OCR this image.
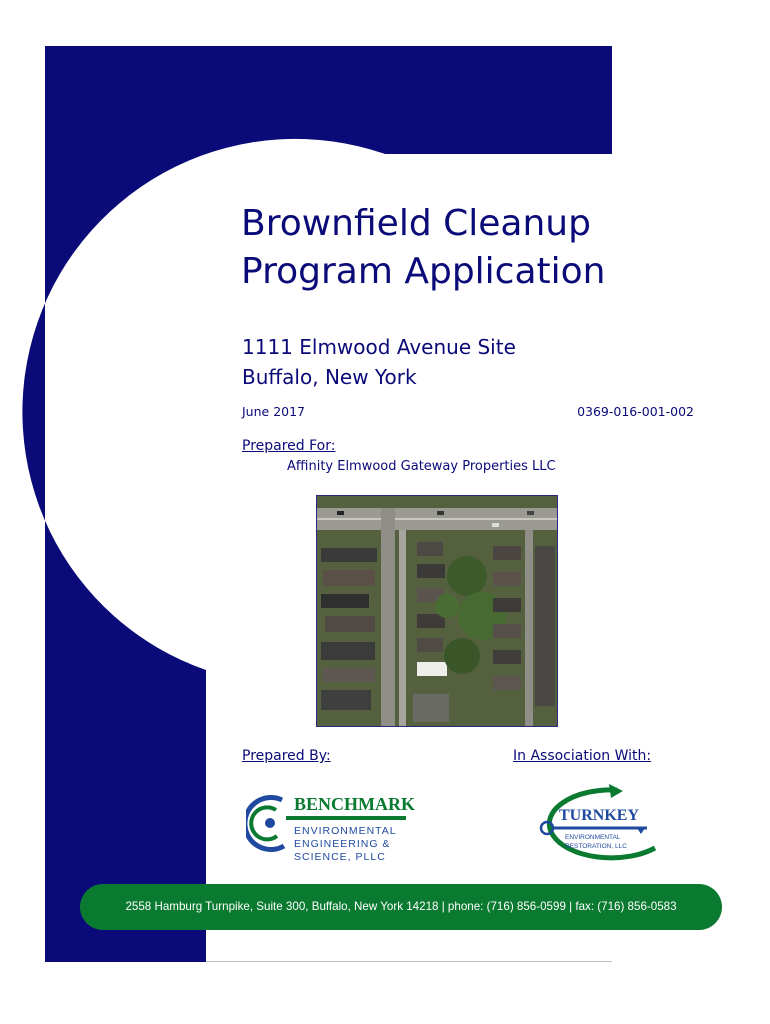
Brownfield Cleanup
Program Application
1111 Elmwood Avenue Site
Buffalo, New York
June 2017	0369-016-001-002
Prepared For:
Affinity Elmwood Gateway Properties LLC
Prepared By:	In Association With:
BENCHMARK
ENVIRONMENTAL
ENGINEERING &
SCIENCE, PLLC
TURNKEY
ENVIRONMENTAL
RESTORATION, LLC
2558 Hamburg Turnpike, Suite 300, Buffalo, New York 14218 | phone: (716) 856-0599 | fax: (716) 856-0583
